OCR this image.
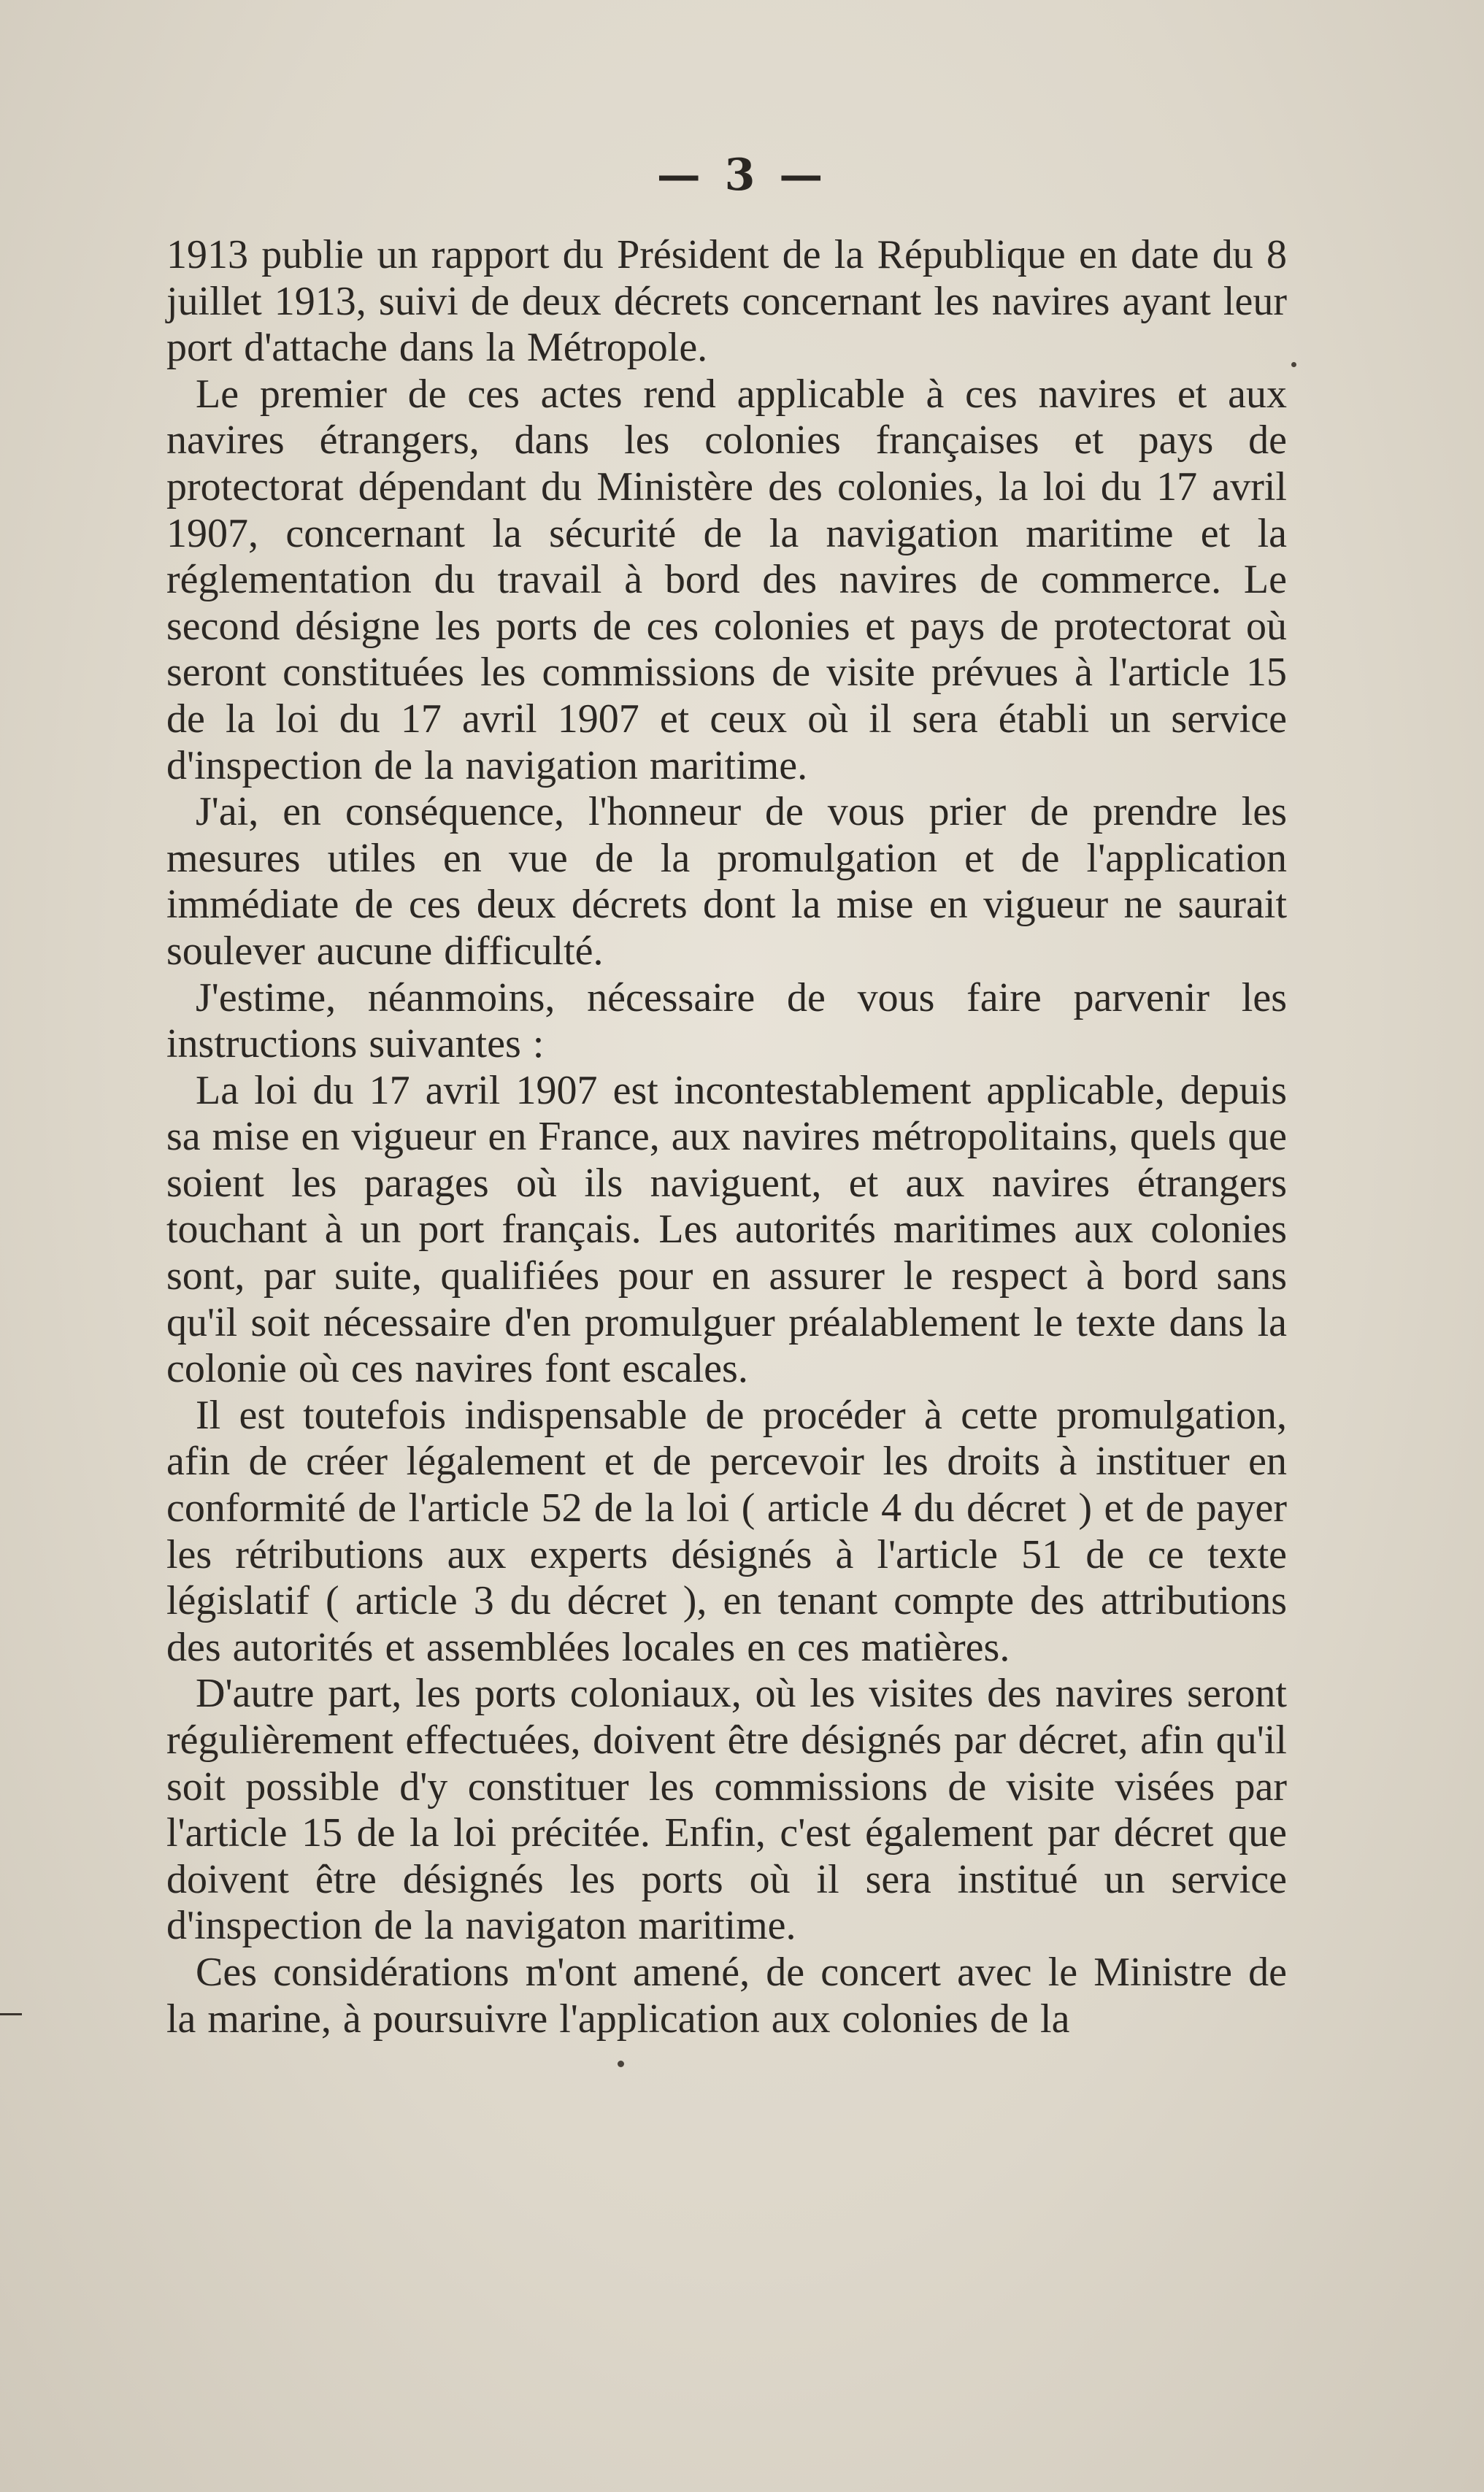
— 3 —

1913 publie un rapport du Président de la République en date du 8 juillet 1913, suivi de deux décrets concernant les navires ayant leur port d'attache dans la Métropole.

Le premier de ces actes rend applicable à ces navires et aux navires étrangers, dans les colonies françaises et pays de protectorat dépendant du Ministère des colonies, la loi du 17 avril 1907, concernant la sécurité de la navigation maritime et la réglementation du travail à bord des navires de commerce. Le second désigne les ports de ces colonies et pays de protectorat où seront constituées les commissions de visite prévues à l'article 15 de la loi du 17 avril 1907 et ceux où il sera établi un service d'inspection de la navigation maritime.

J'ai, en conséquence, l'honneur de vous prier de prendre les mesures utiles en vue de la promulgation et de l'application immédiate de ces deux décrets dont la mise en vigueur ne saurait soulever aucune difficulté.

J'estime, néanmoins, nécessaire de vous faire parvenir les instructions suivantes :

La loi du 17 avril 1907 est incontestablement applicable, depuis sa mise en vigueur en France, aux navires métropolitains, quels que soient les parages où ils naviguent, et aux navires étrangers touchant à un port français. Les autorités maritimes aux colonies sont, par suite, qualifiées pour en assurer le respect à bord sans qu'il soit nécessaire d'en promulguer préalablement le texte dans la colonie où ces navires font escales.

Il est toutefois indispensable de procéder à cette promulgation, afin de créer légalement et de percevoir les droits à instituer en conformité de l'article 52 de la loi ( article 4 du décret ) et de payer les rétributions aux experts désignés à l'article 51 de ce texte législatif ( article 3 du décret ), en tenant compte des attributions des autorités et assemblées locales en ces matières.

D'autre part, les ports coloniaux, où les visites des navires seront régulièrement effectuées, doivent être désignés par décret, afin qu'il soit possible d'y constituer les commissions de visite visées par l'article 15 de la loi précitée. Enfin, c'est également par décret que doivent être désignés les ports où il sera institué un service d'inspection de la navigaton maritime.

Ces considérations m'ont amené, de concert avec le Ministre de la marine, à poursuivre l'application aux colonies de la
